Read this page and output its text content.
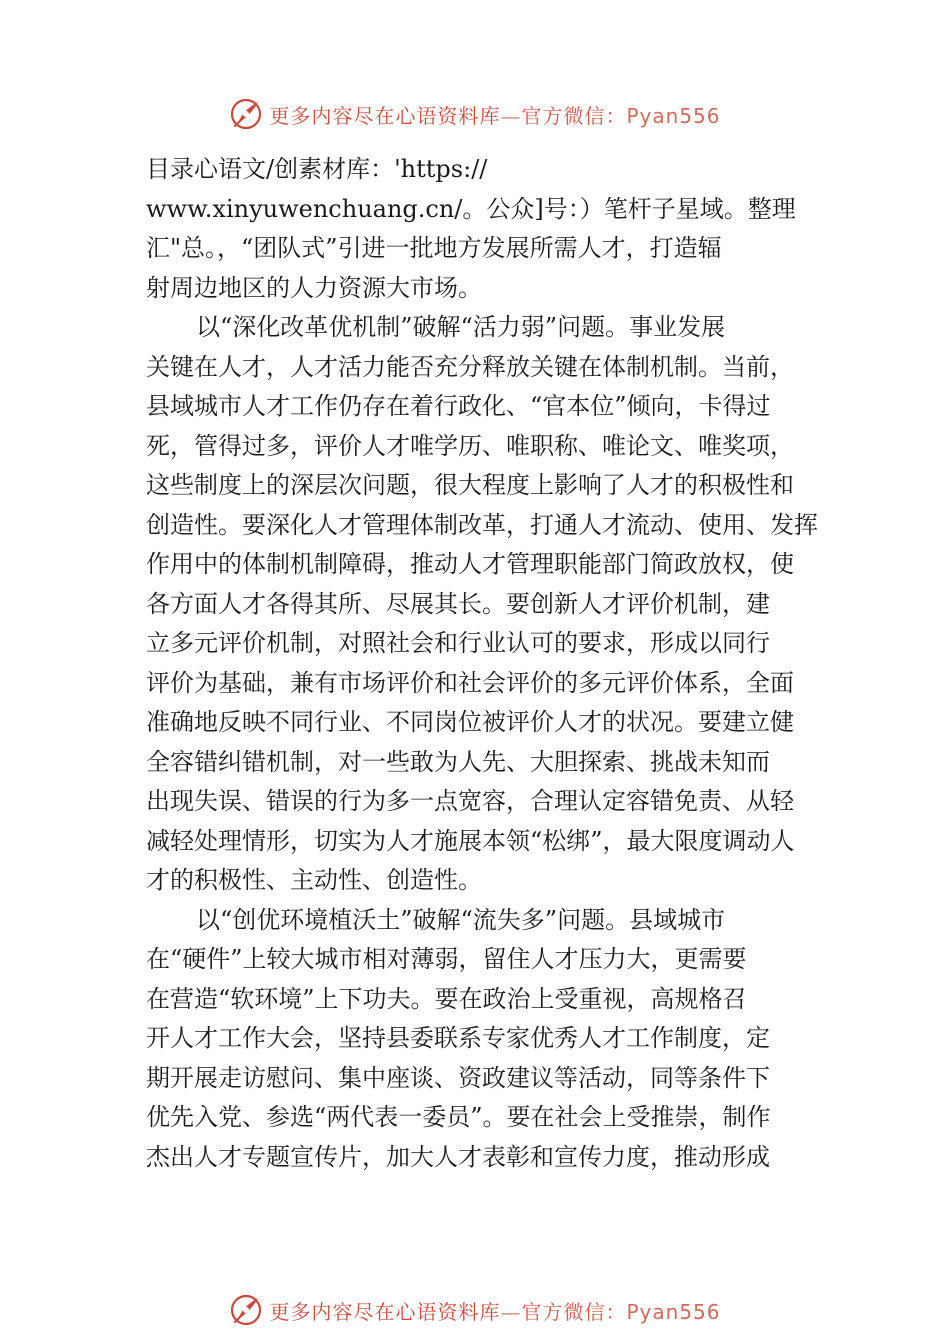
更多内容尽在心语资料库—官方微信：Pyan556
目录心语文/创素材库：'https://
www.xinyuwenchuang.cn/。公众]号：）笔杆子星域。整理
汇"总。，“团队式”引进一批地方发展所需人才，打造辐
射周边地区的人力资源大市场。
以“深化改革优机制”破解“活力弱”问题。事业发展
关键在人才，人才活力能否充分释放关键在体制机制。当前，
县域城市人才工作仍存在着行政化、“官本位”倾向，卡得过
死，管得过多，评价人才唯学历、唯职称、唯论文、唯奖项，
这些制度上的深层次问题，很大程度上影响了人才的积极性和
创造性。要深化人才管理体制改革，打通人才流动、使用、发挥
作用中的体制机制障碍，推动人才管理职能部门简政放权，使
各方面人才各得其所、尽展其长。要创新人才评价机制，建
立多元评价机制，对照社会和行业认可的要求，形成以同行
评价为基础，兼有市场评价和社会评价的多元评价体系，全面
准确地反映不同行业、不同岗位被评价人才的状况。要建立健
全容错纠错机制，对一些敢为人先、大胆探索、挑战未知而
出现失误、错误的行为多一点宽容，合理认定容错免责、从轻
减轻处理情形，切实为人才施展本领“松绑”，最大限度调动人
才的积极性、主动性、创造性。
以“创优环境植沃土”破解“流失多”问题。县域城市
在“硬件”上较大城市相对薄弱，留住人才压力大，更需要
在营造“软环境”上下功夫。要在政治上受重视，高规格召
开人才工作大会，坚持县委联系专家优秀人才工作制度，定
期开展走访慰问、集中座谈、资政建议等活动，同等条件下
优先入党、参选“两代表一委员”。要在社会上受推崇，制作
杰出人才专题宣传片，加大人才表彰和宣传力度，推动形成
更多内容尽在心语资料库—官方微信：Pyan556
